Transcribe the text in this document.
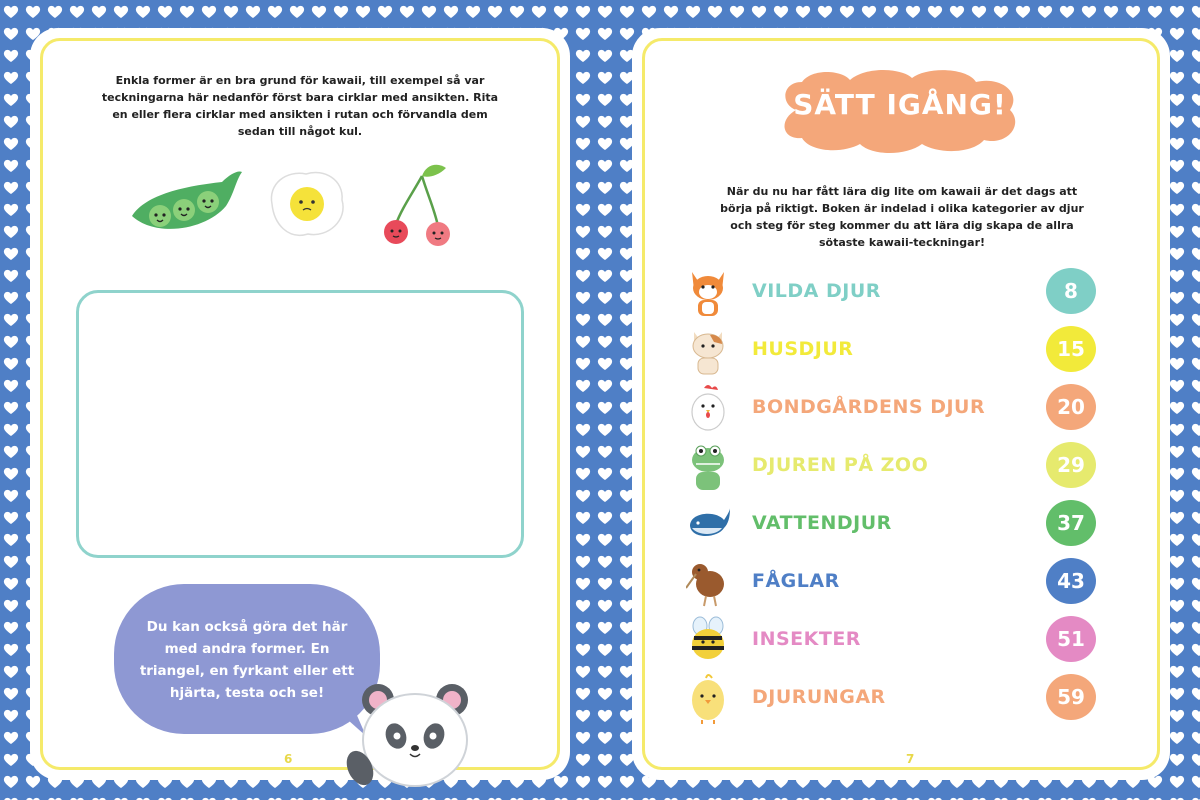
Enkla former är en bra grund för kawaii, till exempel så var teckningarna här nedanför först bara cirklar med ansikten. Rita en eller flera cirklar med ansikten i rutan och förvandla dem sedan till något kul.
Du kan också göra det här med andra former. En triangel, en fyrkant eller ett hjärta, testa och se!
6
SÄTT IGÅNG!
När du nu har fått lära dig lite om kawaii är det dags att börja på riktigt. Boken är indelad i olika kategorier av djur och steg för steg kommer du att lära dig skapa de allra sötaste kawaii-teckningar!
VILDA DJUR	8
HUSDJUR	15
BONDGÅRDENS DJUR	20
DJUREN PÅ ZOO	29
VATTENDJUR	37
FÅGLAR	43
INSEKTER	51
DJURUNGAR	59
7
